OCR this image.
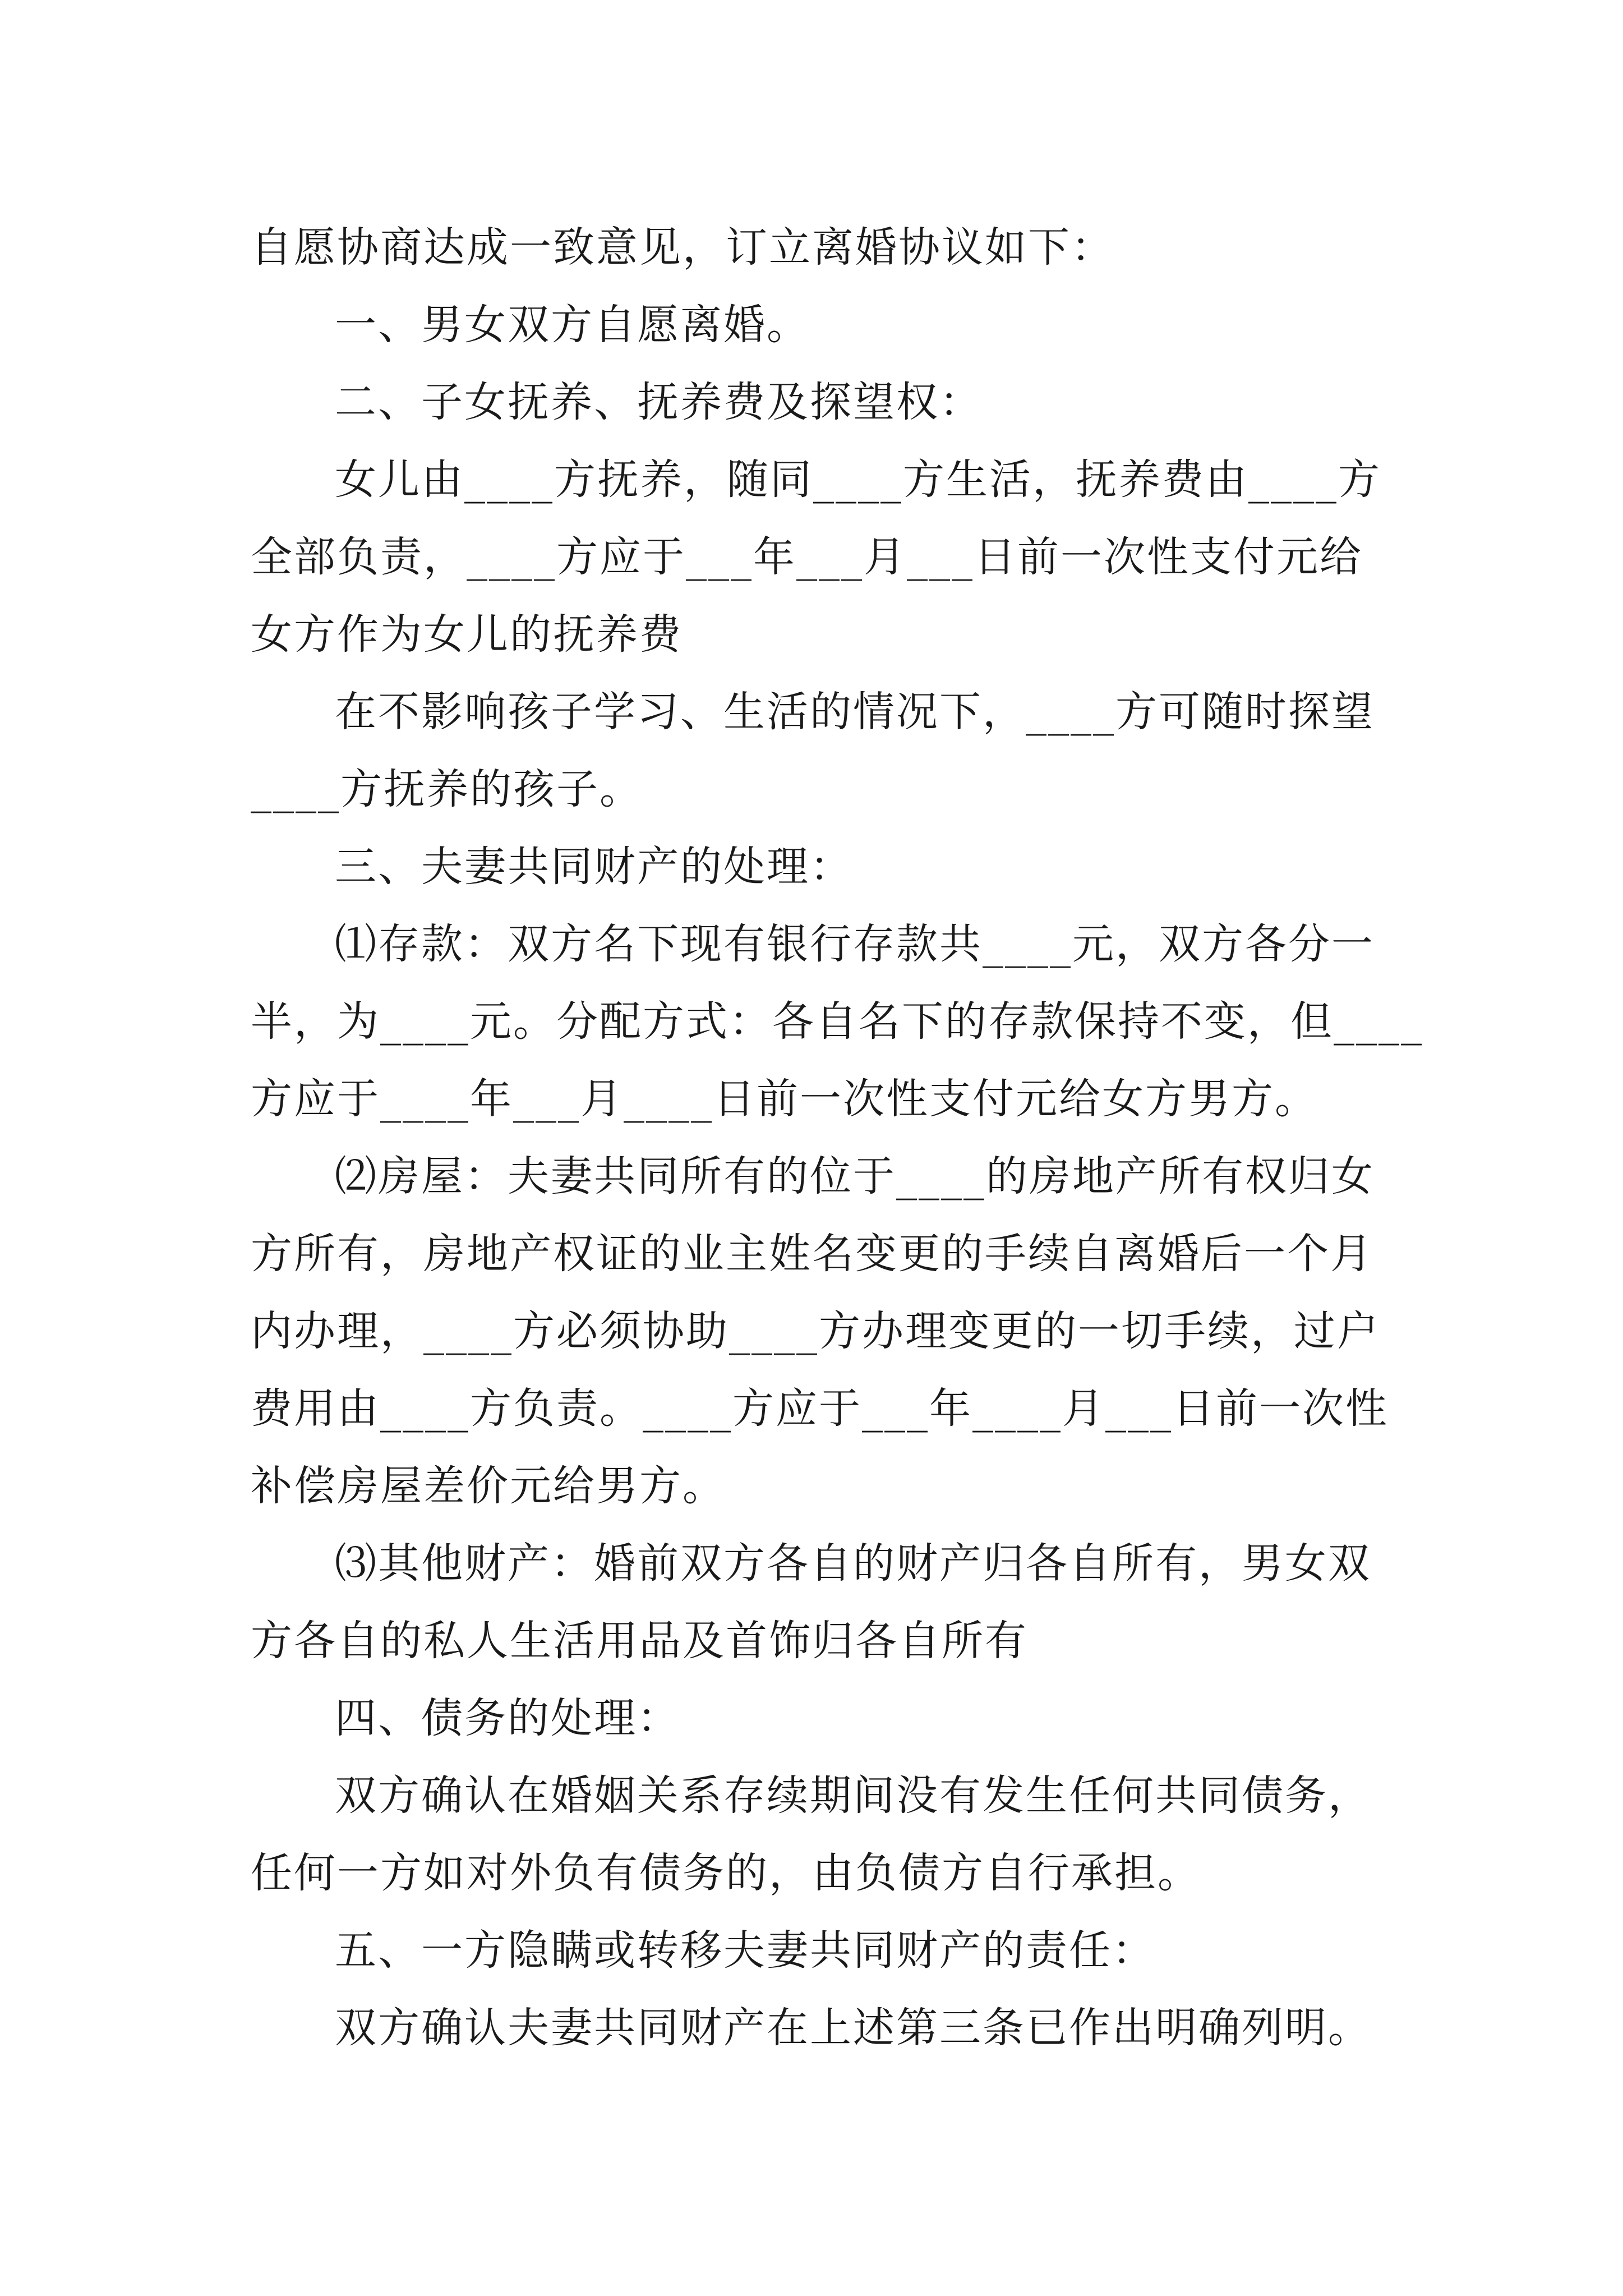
自愿协商达成一致意见，订立离婚协议如下：
一、男女双方自愿离婚。
二、子女抚养、抚养费及探望权：
女儿由____方抚养，随同____方生活，抚养费由____方
全部负责，____方应于___年___月___日前一次性支付元给
女方作为女儿的抚养费
在不影响孩子学习、生活的情况下，____方可随时探望
____方抚养的孩子。
三、夫妻共同财产的处理：
⑴存款：双方名下现有银行存款共____元，双方各分一
半，为____元。分配方式：各自名下的存款保持不变，但____
方应于____年___月____日前一次性支付元给女方男方。
⑵房屋：夫妻共同所有的位于____的房地产所有权归女
方所有，房地产权证的业主姓名变更的手续自离婚后一个月
内办理，____方必须协助____方办理变更的一切手续，过户
费用由____方负责。____方应于___年____月___日前一次性
补偿房屋差价元给男方。
⑶其他财产：婚前双方各自的财产归各自所有，男女双
方各自的私人生活用品及首饰归各自所有
四、债务的处理：
双方确认在婚姻关系存续期间没有发生任何共同债务，
任何一方如对外负有债务的，由负债方自行承担。
五、一方隐瞒或转移夫妻共同财产的责任：
双方确认夫妻共同财产在上述第三条已作出明确列明。
